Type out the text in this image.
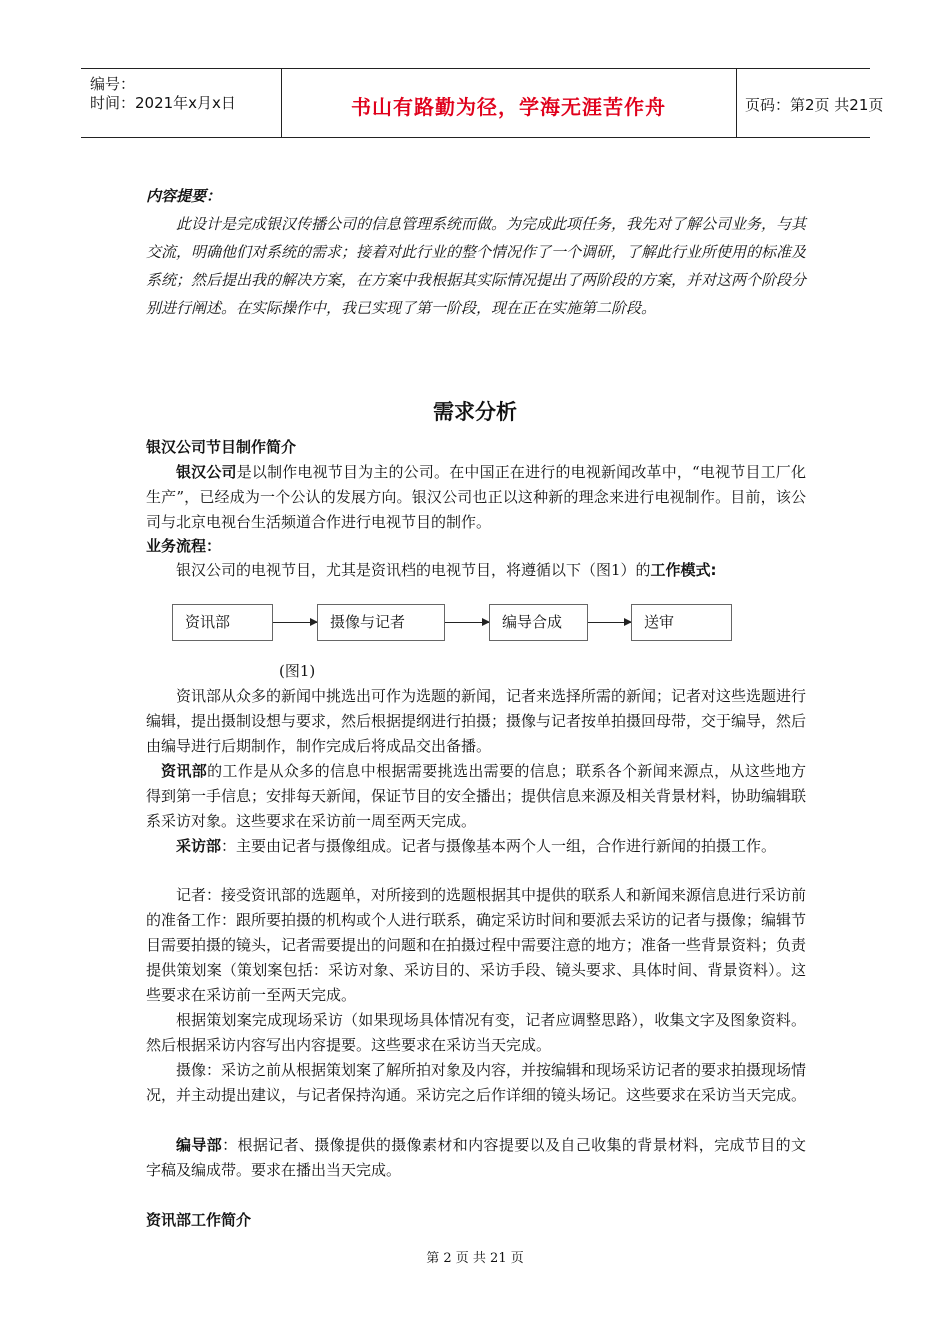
编号：
时间：2021年x月x日	书山有路勤为径，学海无涯苦作舟	页码：第2页 共21页
内容提要：
此设计是完成银汉传播公司的信息管理系统而做。为完成此项任务，我先对了解公司业务，与其交流，明确他们对系统的需求；接着对此行业的整个情况作了一个调研，了解此行业所使用的标准及系统；然后提出我的解决方案，在方案中我根据其实际情况提出了两阶段的方案，并对这两个阶段分别进行阐述。在实际操作中，我已实现了第一阶段，现在正在实施第二阶段。
需求分析
银汉公司节目制作简介
银汉公司是以制作电视节目为主的公司。在中国正在进行的电视新闻改革中，“电视节目工厂化生产”，已经成为一个公认的发展方向。银汉公司也正以这种新的理念来进行电视制作。目前，该公司与北京电视台生活频道合作进行电视节目的制作。
业务流程：
银汉公司的电视节目，尤其是资讯档的电视节目，将遵循以下（图1）的工作模式:
资讯部	摄像与记者	编导合成	送审
(图1)
资讯部从众多的新闻中挑选出可作为选题的新闻，记者来选择所需的新闻；记者对这些选题进行编辑，提出摄制设想与要求，然后根据提纲进行拍摄；摄像与记者按单拍摄回母带，交于编导，然后由编导进行后期制作，制作完成后将成品交出备播。
资讯部的工作是从众多的信息中根据需要挑选出需要的信息；联系各个新闻来源点，从这些地方得到第一手信息；安排每天新闻，保证节目的安全播出；提供信息来源及相关背景材料，协助编辑联系采访对象。这些要求在采访前一周至两天完成。
采访部：主要由记者与摄像组成。记者与摄像基本两个人一组，合作进行新闻的拍摄工作。
记者：接受资讯部的选题单，对所接到的选题根据其中提供的联系人和新闻来源信息进行采访前的准备工作：跟所要拍摄的机构或个人进行联系，确定采访时间和要派去采访的记者与摄像；编辑节目需要拍摄的镜头，记者需要提出的问题和在拍摄过程中需要注意的地方；准备一些背景资料；负责提供策划案（策划案包括：采访对象、采访目的、采访手段、镜头要求、具体时间、背景资料）。这些要求在采访前一至两天完成。
根据策划案完成现场采访（如果现场具体情况有变，记者应调整思路），收集文字及图象资料。然后根据采访内容写出内容提要。这些要求在采访当天完成。
摄像：采访之前从根据策划案了解所拍对象及内容，并按编辑和现场采访记者的要求拍摄现场情况，并主动提出建议，与记者保持沟通。采访完之后作详细的镜头场记。这些要求在采访当天完成。
编导部：根据记者、摄像提供的摄像素材和内容提要以及自己收集的背景材料，完成节目的文字稿及编成带。要求在播出当天完成。
资讯部工作简介
第 2 页 共 21 页
